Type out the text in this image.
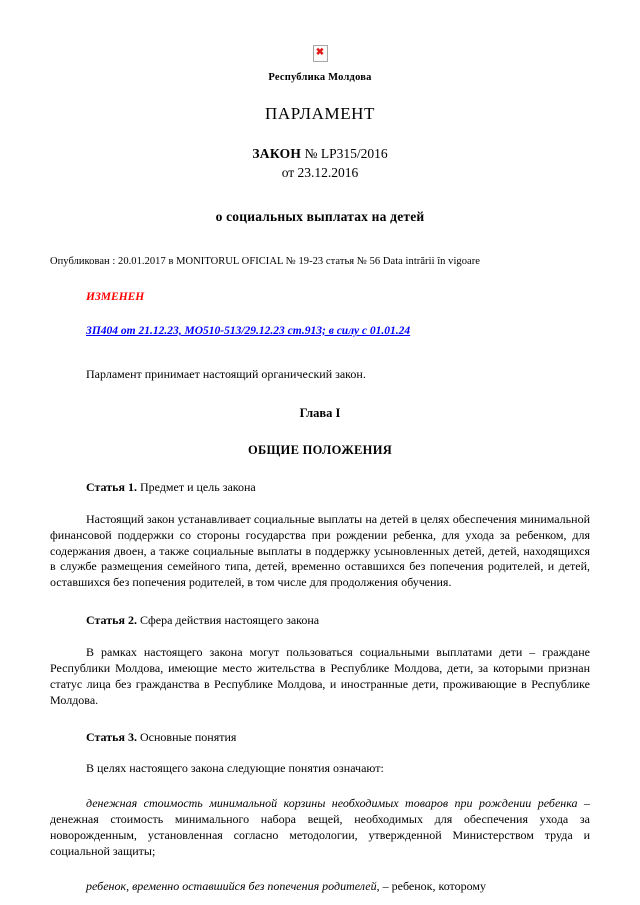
✖
Республика Молдова
ПАРЛАМЕНТ
ЗАКОН № LP315/2016
от 23.12.2016
о социальных выплатах на детей
Опубликован : 20.01.2017 в MONITORUL OFICIAL № 19-23 статья № 56 Data intrării în vigoare
ИЗМЕНЕН
ЗП404 от 21.12.23, МО510-513/29.12.23 ст.913; в силу с 01.01.24
Парламент принимает настоящий органический закон.
Глава I
ОБЩИЕ ПОЛОЖЕНИЯ
Статья 1. Предмет и цель закона

Настоящий закон устанавливает социальные выплаты на детей в целях обеспечения минимальной финансовой поддержки со стороны государства при рождении ребенка, для ухода за ребенком, для содержания двоен, а также социальные выплаты в поддержку усыновленных детей, детей, находящихся в службе размещения семейного типа, детей, временно оставшихся без попечения родителей, и детей, оставшихся без попечения родителей, в том числе для продолжения обучения.

Статья 2. Сфера действия настоящего закона

В рамках настоящего закона могут пользоваться социальными выплатами дети – граждане Республики Молдова, имеющие место жительства в Республике Молдова, дети, за которыми признан статус лица без гражданства в Республике Молдова, и иностранные дети, проживающие в Республике Молдова.

Статья 3. Основные понятия

В целях настоящего закона следующие понятия означают:

денежная стоимость минимальной корзины необходимых товаров при рождении ребенка – денежная стоимость минимального набора вещей, необходимых для обеспечения ухода за новорожденным, установленная согласно методологии, утвержденной Министерством труда и социальной защиты;

ребенок, временно оставшийся без попечения родителей, – ребенок, которому
